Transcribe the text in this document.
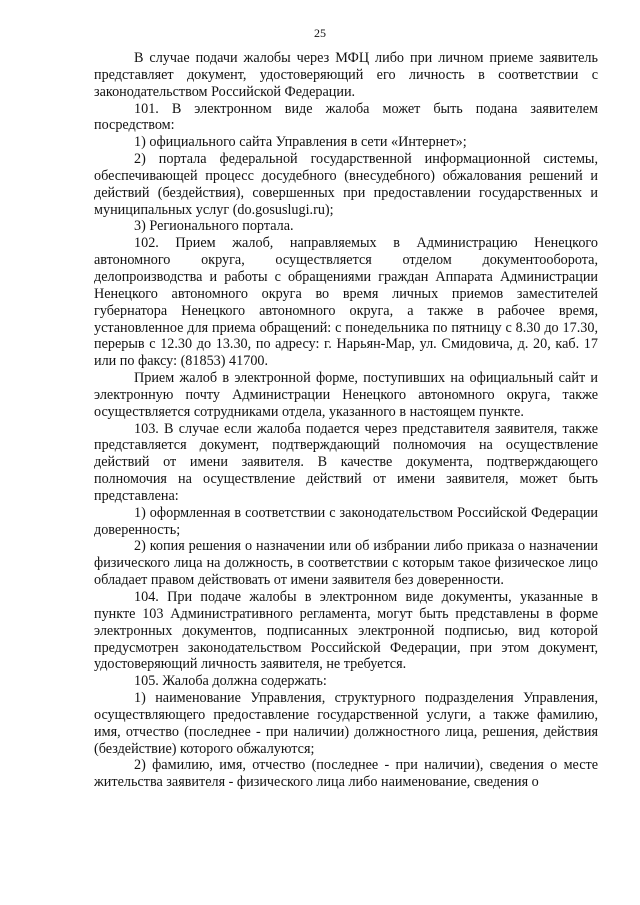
25

В случае подачи жалобы через МФЦ либо при личном приеме заявитель представляет документ, удостоверяющий его личность в соответствии с законодательством Российской Федерации.

101. В электронном виде жалоба может быть подана заявителем посредством:

1) официального сайта Управления в сети «Интернет»;

2) портала федеральной государственной информационной системы, обеспечивающей процесс досудебного (внесудебного) обжалования решений и действий (бездействия), совершенных при предоставлении государственных и муниципальных услуг (do.gosuslugi.ru);

3) Регионального портала.

102. Прием жалоб, направляемых в Администрацию Ненецкого автономного округа, осуществляется отделом документооборота, делопроизводства и работы с обращениями граждан Аппарата Администрации Ненецкого автономного округа во время личных приемов заместителей губернатора Ненецкого автономного округа, а также в рабочее время, установленное для приема обращений: с понедельника по пятницу с 8.30 до 17.30, перерыв с 12.30 до 13.30, по адресу: г. Нарьян-Мар, ул. Смидовича, д. 20, каб. 17 или по факсу: (81853) 41700.

Прием жалоб в электронной форме, поступивших на официальный сайт и электронную почту Администрации Ненецкого автономного округа, также осуществляется сотрудниками отдела, указанного в настоящем пункте.

103. В случае если жалоба подается через представителя заявителя, также представляется документ, подтверждающий полномочия на осуществление действий от имени заявителя. В качестве документа, подтверждающего полномочия на осуществление действий от имени заявителя, может быть представлена:

1) оформленная в соответствии с законодательством Российской Федерации доверенность;

2) копия решения о назначении или об избрании либо приказа о назначении физического лица на должность, в соответствии с которым такое физическое лицо обладает правом действовать от имени заявителя без доверенности.

104. При подаче жалобы в электронном виде документы, указанные в пункте 103 Административного регламента, могут быть представлены в форме электронных документов, подписанных электронной подписью, вид которой предусмотрен законодательством Российской Федерации, при этом документ, удостоверяющий личность заявителя, не требуется.

105. Жалоба должна содержать:

1) наименование Управления, структурного подразделения Управления, осуществляющего предоставление государственной услуги, а также фамилию, имя, отчество (последнее - при наличии) должностного лица, решения, действия (бездействие) которого обжалуются;

2) фамилию, имя, отчество (последнее - при наличии), сведения о месте жительства заявителя - физического лица либо наименование, сведения о
